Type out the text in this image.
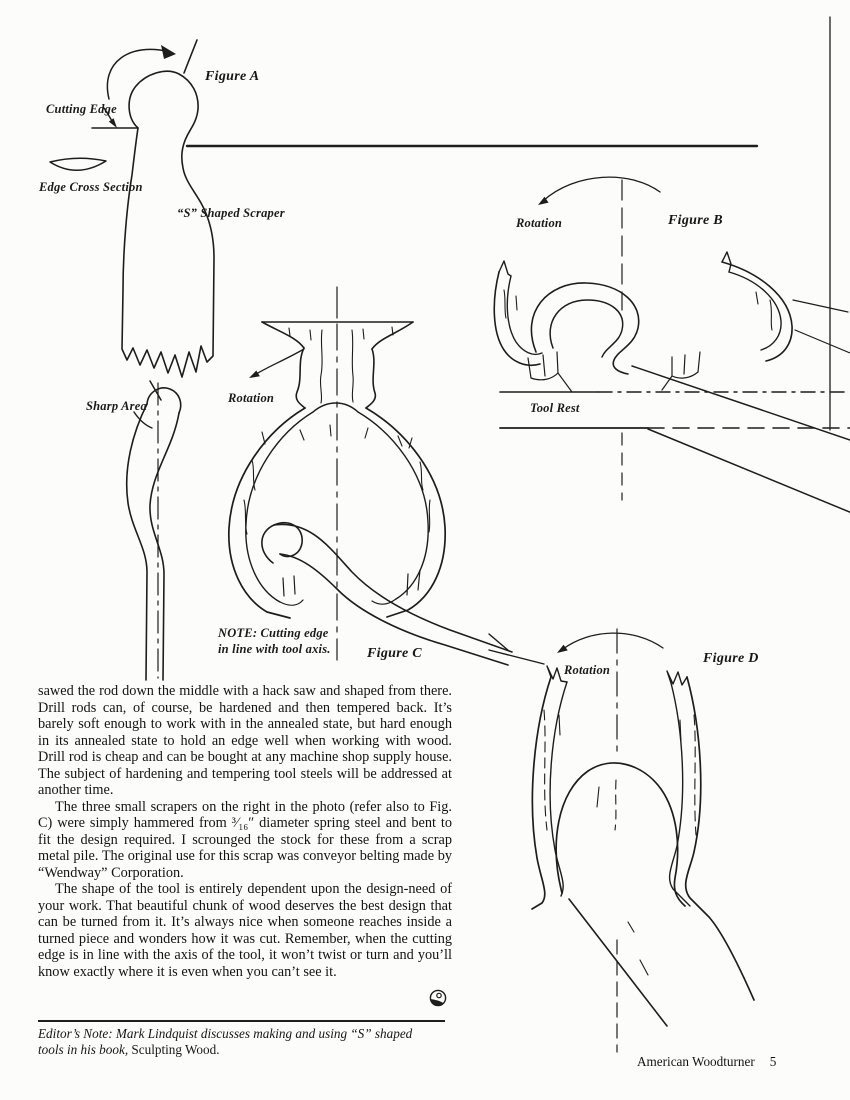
Figure A
Cutting Edge
Edge Cross Section
“S” Shaped Scraper
Sharp Area
Rotation
NOTE: Cutting edge
in line with tool axis.	Figure C
Rotation	Figure B
Tool Rest
Rotation
Figure D

sawed the rod down the middle with a hack saw and shaped from there. Drill rods can, of course, be hardened and then tempered back. It’s barely soft enough to work with in the annealed state, but hard enough in its annealed state to hold an edge well when working with wood. Drill rod is cheap and can be bought at any machine shop supply house. The subject of hardening and tempering tool steels will be addressed at another time.

The three small scrapers on the right in the photo (refer also to Fig. C) were simply hammered from ³⁄₁₆″ diameter spring steel and bent to fit the design required. I scrounged the stock for these from a scrap metal pile. The original use for this scrap was conveyor belting made by “Wendway” Corporation.

The shape of the tool is entirely dependent upon the design-need of your work. That beautiful chunk of wood deserves the best design that can be turned from it. It’s always nice when someone reaches inside a turned piece and wonders how it was cut. Remember, when the cutting edge is in line with the axis of the tool, it won’t twist or turn and you’ll know exactly where it is even when you can’t see it.

Editor’s Note: Mark Lindquist discusses making and using “S” shaped tools in his book, Sculpting Wood.
American Woodturner 5
